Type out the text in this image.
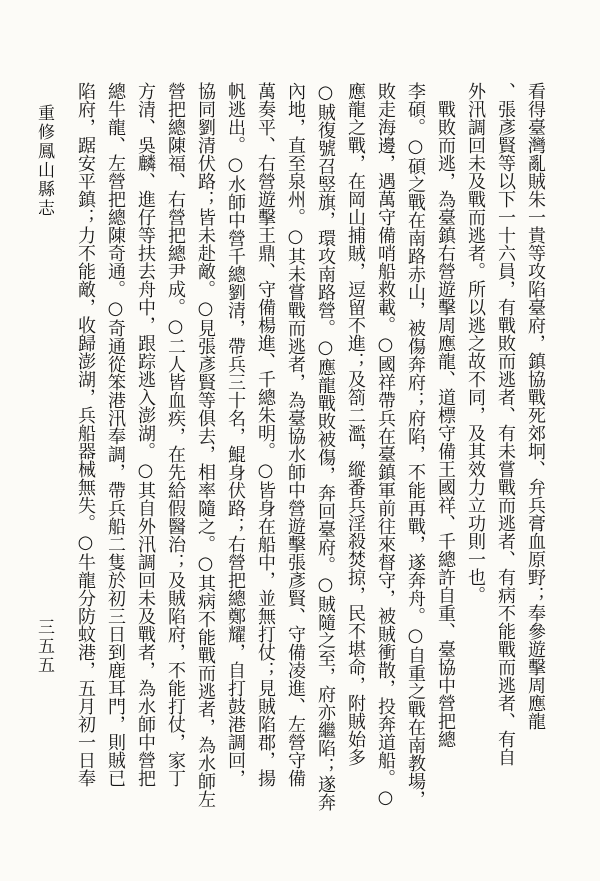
重修鳳山縣志
三五五	看得臺灣亂賊朱一貴等攻陷臺府，鎮協戰死郊坰、弁兵膏血原野；奉參遊擊周應龍
、張彥賢等以下一十六員，有戰敗而逃者、有未嘗戰而逃者、有病不能戰而逃者、有自
外汛調回未及戰而逃者。所以逃之故不同，及其效力立功則一也。
戰敗而逃，為臺鎮右營遊擊周應龍、道標守備王國祥、千總許自重、臺協中營把總
李碩。○碩之戰在南路赤山，被傷奔府；府陷，不能再戰，遂奔舟。○自重之戰在南教場，
敗走海邊，遇萬守備哨船救載。○國祥帶兵在臺鎮軍前往來督守，被賊衝散，投奔道船。○
應龍之戰，在岡山捕賊，逗留不進；及箚二濫，縱番兵淫殺焚掠，民不堪命，附賊始多
○賊復號召竪旗，環攻南路營。○應龍戰敗被傷，奔回臺府。○賊隨之至，府亦繼陷；遂奔
內地，直至泉州。○其未嘗戰而逃者，為臺協水師中營遊擊張彥賢、守備凌進、左營守備
萬奏平、右營遊擊王鼎、守備楊進、千總朱明。○皆身在船中，並無打仗；見賊陷郡，揚
帆逃出。○水師中營千總劉清，帶兵三十名，鯤身伏路；右營把總鄭耀，自打鼓港調回，
協同劉清伏路；皆未赴敵。○見張彥賢等俱去，相率隨之。○其病不能戰而逃者，為水師左
營把總陳福、右營把總尹成。○二人皆血疾，在先給假醫治；及賊陷府，不能打仗，家丁
方清、吳麟、進仔等扶去舟中，跟踪逃入澎湖。○其自外汛調回未及戰者，為水師中營把
總牛龍、左營把總陳奇通。○奇通從笨港汛奉調，帶兵船二隻於初三日到鹿耳門，則賊已
陷府，踞安平鎮；力不能敵，收歸澎湖，兵船器械無失。○牛龍分防蚊港，五月初一日奉
